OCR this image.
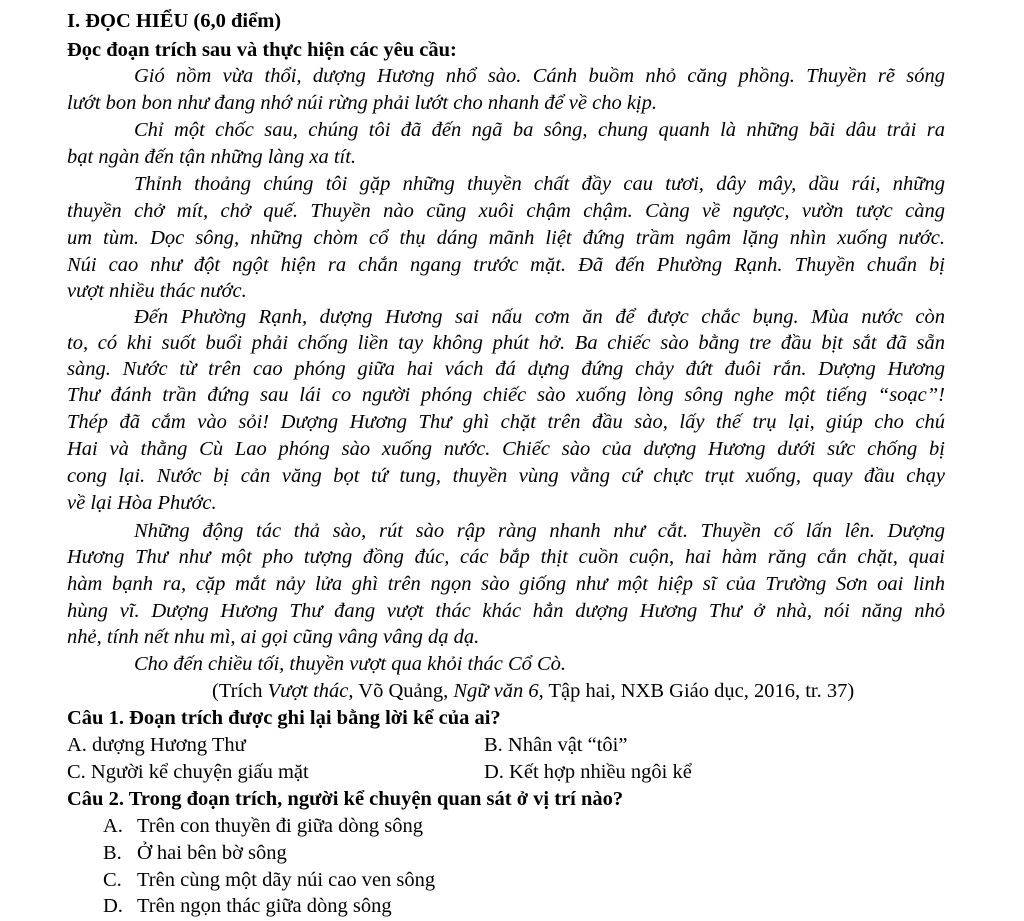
I. ĐỌC HIỂU (6,0 điểm)
Đọc đoạn trích sau và thực hiện các yêu cầu:
Gió nồm vừa thổi, dượng Hương nhổ sào. Cánh buồm nhỏ căng phồng. Thuyền rẽ sóng
lướt bon bon như đang nhớ núi rừng phải lướt cho nhanh để về cho kịp.
Chỉ một chốc sau, chúng tôi đã đến ngã ba sông, chung quanh là những bãi dâu trải ra
bạt ngàn đến tận những làng xa tít.
Thỉnh thoảng chúng tôi gặp những thuyền chất đầy cau tươi, dây mây, dầu rái, những
thuyền chở mít, chở quế. Thuyền nào cũng xuôi chậm chậm. Càng về ngược, vườn tược càng
um tùm. Dọc sông, những chòm cổ thụ dáng mãnh liệt đứng trầm ngâm lặng nhìn xuống nước.
Núi cao như đột ngột hiện ra chắn ngang trước mặt. Đã đến Phường Rạnh. Thuyền chuẩn bị
vượt nhiều thác nước.
Đến Phường Rạnh, dượng Hương sai nấu cơm ăn để được chắc bụng. Mùa nước còn
to, có khi suốt buổi phải chống liền tay không phút hở. Ba chiếc sào bằng tre đầu bịt sắt đã sẵn
sàng. Nước từ trên cao phóng giữa hai vách đá dựng đứng chảy đứt đuôi rắn. Dượng Hương
Thư đánh trần đứng sau lái co người phóng chiếc sào xuống lòng sông nghe một tiếng “soạc”!
Thép đã cắm vào sỏi! Dượng Hương Thư ghì chặt trên đầu sào, lấy thế trụ lại, giúp cho chú
Hai và thằng Cù Lao phóng sào xuống nước. Chiếc sào của dượng Hương dưới sức chống bị
cong lại. Nước bị cản văng bọt tứ tung, thuyền vùng vằng cứ chực trụt xuống, quay đầu chạy
về lại Hòa Phước.
Những động tác thả sào, rút sào rập ràng nhanh như cắt. Thuyền cố lấn lên. Dượng
Hương Thư như một pho tượng đồng đúc, các bắp thịt cuồn cuộn, hai hàm răng cắn chặt, quai
hàm bạnh ra, cặp mắt nảy lửa ghì trên ngọn sào giống như một hiệp sĩ của Trường Sơn oai linh
hùng vĩ. Dượng Hương Thư đang vượt thác khác hẳn dượng Hương Thư ở nhà, nói năng nhỏ
nhẻ, tính nết nhu mì, ai gọi cũng vâng vâng dạ dạ.
Cho đến chiều tối, thuyền vượt qua khỏi thác Cổ Cò.
(Trích Vượt thác, Võ Quảng, Ngữ văn 6, Tập hai, NXB Giáo dục, 2016, tr. 37)
Câu 1. Đoạn trích được ghi lại bằng lời kể của ai?
A. dượng Hương Thư	B. Nhân vật “tôi”
C. Người kể chuyện giấu mặt	D. Kết hợp nhiều ngôi kể
Câu 2. Trong đoạn trích, người kể chuyện quan sát ở vị trí nào?
A. Trên con thuyền đi giữa dòng sông
B. Ở hai bên bờ sông
C. Trên cùng một dãy núi cao ven sông
D. Trên ngọn thác giữa dòng sông
